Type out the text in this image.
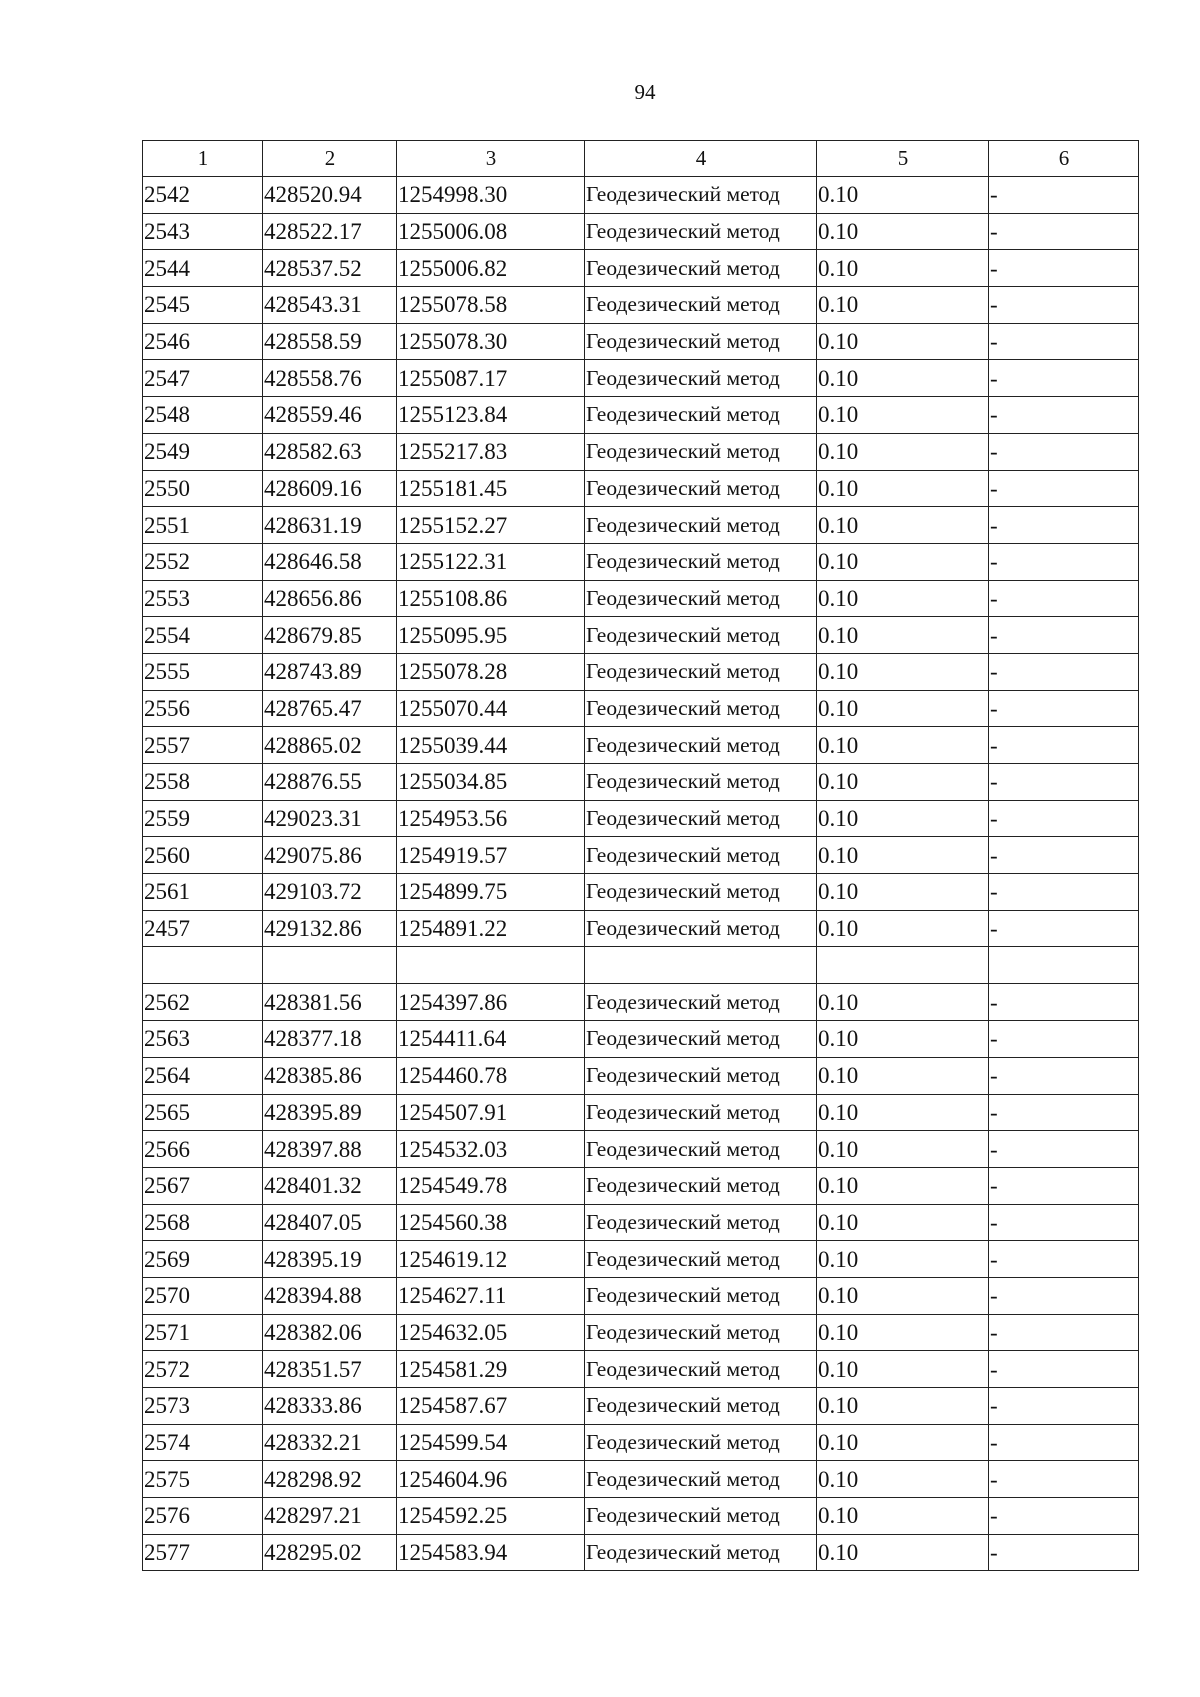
94
1	2	3	4	5	6
2542	428520.94	1254998.30	Геодезический метод	0.10	-
2543	428522.17	1255006.08	Геодезический метод	0.10	-
2544	428537.52	1255006.82	Геодезический метод	0.10	-
2545	428543.31	1255078.58	Геодезический метод	0.10	-
2546	428558.59	1255078.30	Геодезический метод	0.10	-
2547	428558.76	1255087.17	Геодезический метод	0.10	-
2548	428559.46	1255123.84	Геодезический метод	0.10	-
2549	428582.63	1255217.83	Геодезический метод	0.10	-
2550	428609.16	1255181.45	Геодезический метод	0.10	-
2551	428631.19	1255152.27	Геодезический метод	0.10	-
2552	428646.58	1255122.31	Геодезический метод	0.10	-
2553	428656.86	1255108.86	Геодезический метод	0.10	-
2554	428679.85	1255095.95	Геодезический метод	0.10	-
2555	428743.89	1255078.28	Геодезический метод	0.10	-
2556	428765.47	1255070.44	Геодезический метод	0.10	-
2557	428865.02	1255039.44	Геодезический метод	0.10	-
2558	428876.55	1255034.85	Геодезический метод	0.10	-
2559	429023.31	1254953.56	Геодезический метод	0.10	-
2560	429075.86	1254919.57	Геодезический метод	0.10	-
2561	429103.72	1254899.75	Геодезический метод	0.10	-
2457	429132.86	1254891.22	Геодезический метод	0.10	-

2562	428381.56	1254397.86	Геодезический метод	0.10	-
2563	428377.18	1254411.64	Геодезический метод	0.10	-
2564	428385.86	1254460.78	Геодезический метод	0.10	-
2565	428395.89	1254507.91	Геодезический метод	0.10	-
2566	428397.88	1254532.03	Геодезический метод	0.10	-
2567	428401.32	1254549.78	Геодезический метод	0.10	-
2568	428407.05	1254560.38	Геодезический метод	0.10	-
2569	428395.19	1254619.12	Геодезический метод	0.10	-
2570	428394.88	1254627.11	Геодезический метод	0.10	-
2571	428382.06	1254632.05	Геодезический метод	0.10	-
2572	428351.57	1254581.29	Геодезический метод	0.10	-
2573	428333.86	1254587.67	Геодезический метод	0.10	-
2574	428332.21	1254599.54	Геодезический метод	0.10	-
2575	428298.92	1254604.96	Геодезический метод	0.10	-
2576	428297.21	1254592.25	Геодезический метод	0.10	-
2577	428295.02	1254583.94	Геодезический метод	0.10	-
